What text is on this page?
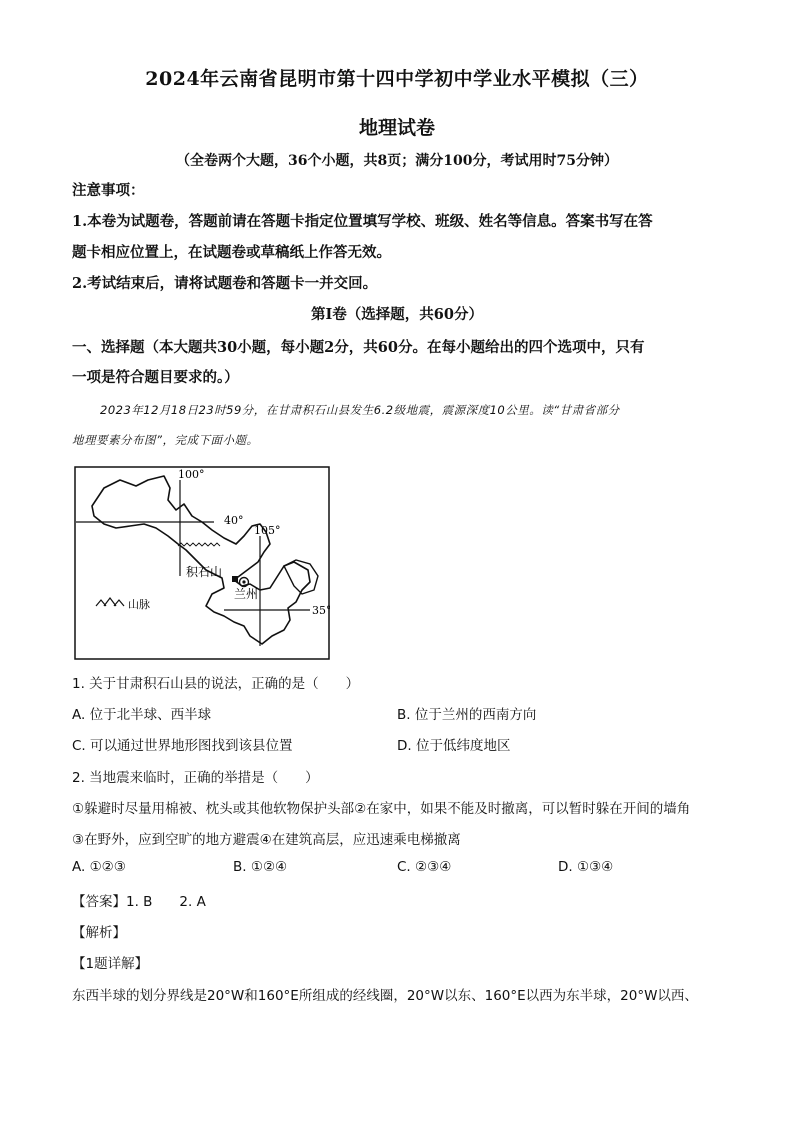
2024年云南省昆明市第十四中学初中学业水平模拟（三）
地理试卷
（全卷两个大题，36个小题，共8页；满分100分，考试用时75分钟）
注意事项：
1.本卷为试题卷，答题前请在答题卡指定位置填写学校、班级、姓名等信息。答案书写在答
题卡相应位置上，在试题卷或草稿纸上作答无效。
2.考试结束后，请将试题卷和答题卡一并交回。
第Ⅰ卷（选择题，共60分）
一、选择题（本大题共30小题，每小题2分，共60分。在每小题给出的四个选项中，只有
一项是符合题目要求的。）
2023年12月18日23时59分，在甘肃积石山县发生6.2级地震，震源深度10公里。读“甘肃省部分
地理要素分布图”，完成下面小题。
100°
40°
105°
35°
积石山
兰州
山脉
1. 关于甘肃积石山县的说法，正确的是（　　）
A. 位于北半球、西半球	B. 位于兰州的西南方向
C. 可以通过世界地形图找到该县位置	D. 位于低纬度地区
2. 当地震来临时，正确的举措是（　　）
①躲避时尽量用棉被、枕头或其他软物保护头部②在家中，如果不能及时撤离，可以暂时躲在开间的墙角
③在野外，应到空旷的地方避震④在建筑高层，应迅速乘电梯撤离
A. ①②③	B. ①②④	C. ②③④	D. ①③④
【答案】1. B　　2. A
【解析】
【1题详解】
东西半球的划分界线是20°W和160°E所组成的经线圈，20°W以东、160°E以西为东半球，20°W以西、
